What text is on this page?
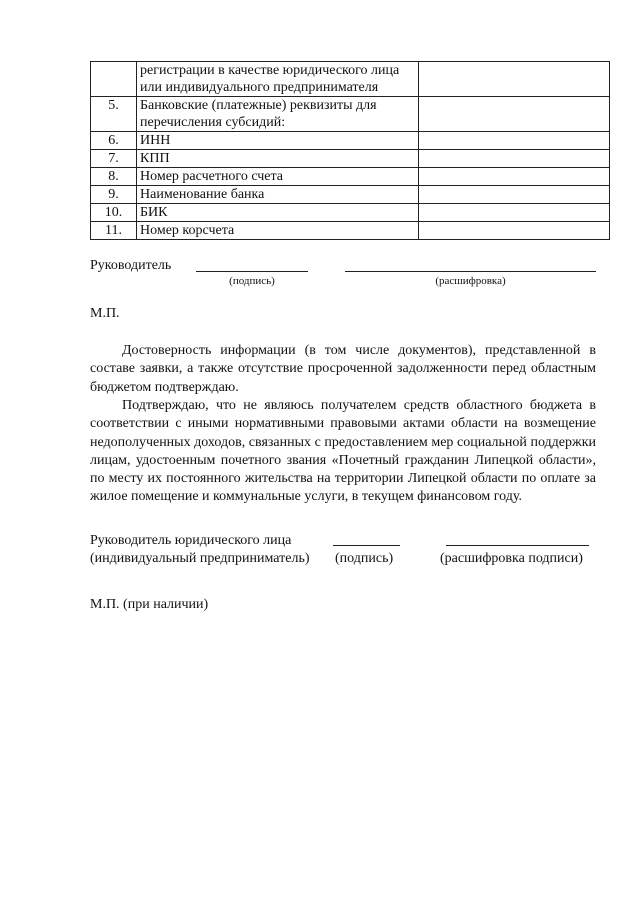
	регистрации в качестве юридического лица или индивидуального предпринимателя	
5.	Банковские (платежные) реквизиты для перечисления субсидий:	
6.	ИНН	
7.	КПП	
8.	Номер расчетного счета	
9.	Наименование банка	
10.	БИК	
11.	Номер корсчета	
Руководитель
(подпись)	(расшифровка)
М.П.
Достоверность информации (в том числе документов), представленной в составе заявки, а также отсутствие просроченной задолженности перед областным бюджетом подтверждаю.
Подтверждаю, что не являюсь получателем средств областного бюджета в соответствии с иными нормативными правовыми актами области на возмещение недополученных доходов, связанных с предоставлением мер социальной поддержки лицам, удостоенным почетного звания «Почетный гражданин Липецкой области», по месту их постоянного жительства на территории Липецкой области по оплате за жилое помещение и коммунальные услуги, в текущем финансовом году.
Руководитель юридического лица
(индивидуальный предприниматель) (подпись)	(расшифровка подписи)
М.П. (при наличии)
